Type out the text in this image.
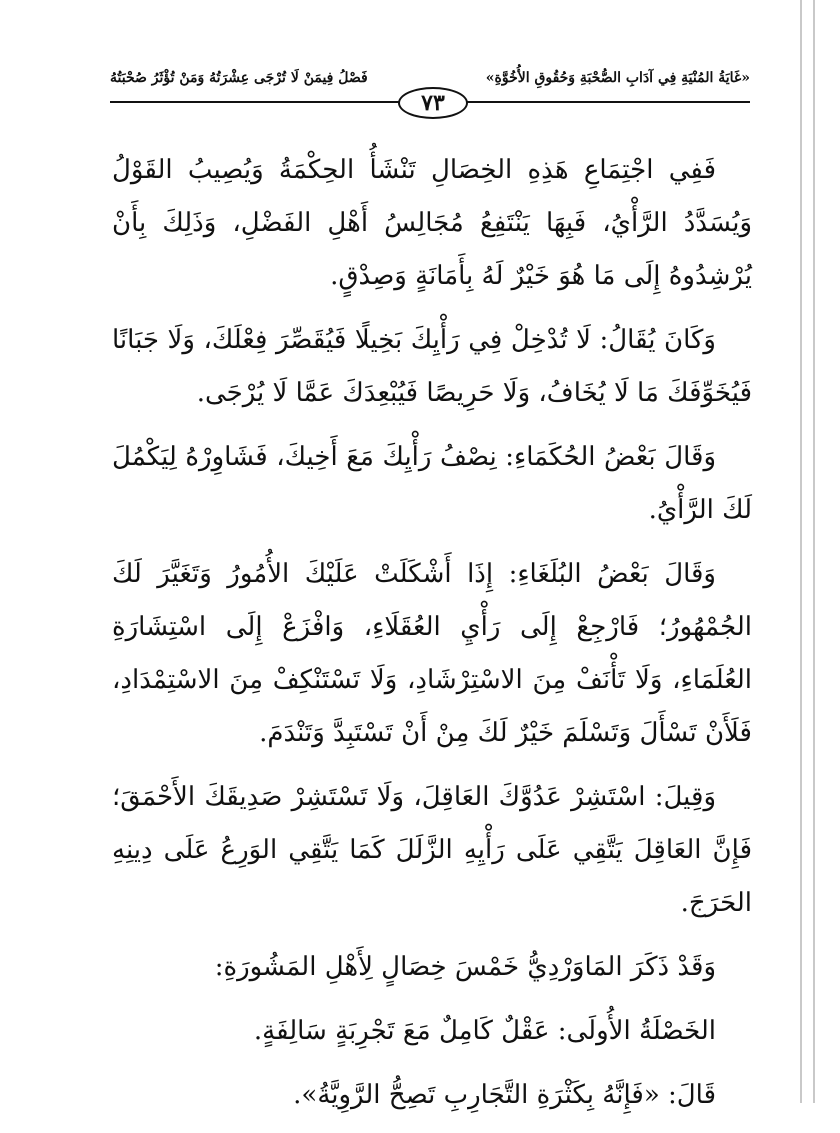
«غَايَةُ المُنْيَةِ فِي آدَابِ الصُّحْبَةِ وَحُقُوقِ الأُخُوَّةِ»
فَصْلُ فِيمَنْ لَا تُرْجَى عِشْرَتُهُ وَمَنْ تُؤْثَرُ صُحْبَتُهُ
٧٣

فَفِي اجْتِمَاعِ هَذِهِ الخِصَالِ تَنْشَأُ الحِكْمَةُ وَيُصِيبُ القَوْلُ وَيُسَدَّدُ الرَّأْيُ، فَبِهَا يَنْتَفِعُ مُجَالِسُ أَهْلِ الفَضْلِ، وَذَلِكَ بِأَنْ يُرْشِدُوهُ إِلَى مَا هُوَ خَيْرٌ لَهُ بِأَمَانَةٍ وَصِدْقٍ.

وَكَانَ يُقَالُ: لَا تُدْخِلْ فِي رَأْيِكَ بَخِيلًا فَيُقَصِّرَ فِعْلَكَ، وَلَا جَبَانًا فَيُخَوِّفَكَ مَا لَا يُخَافُ، وَلَا حَرِيصًا فَيُبْعِدَكَ عَمَّا لَا يُرْجَى.

وَقَالَ بَعْضُ الحُكَمَاءِ: نِصْفُ رَأْيِكَ مَعَ أَخِيكَ، فَشَاوِرْهُ لِيَكْمُلَ لَكَ الرَّأْيُ.

وَقَالَ بَعْضُ البُلَغَاءِ: إِذَا أَشْكَلَتْ عَلَيْكَ الأُمُورُ وَتَغَيَّرَ لَكَ الجُمْهُورُ؛ فَارْجِعْ إِلَى رَأْيِ العُقَلَاءِ، وَافْزَعْ إِلَى اسْتِشَارَةِ العُلَمَاءِ، وَلَا تَأْنَفْ مِنَ الاسْتِرْشَادِ، وَلَا تَسْتَنْكِفْ مِنَ الاسْتِمْدَادِ، فَلَأَنْ تَسْأَلَ وَتَسْلَمَ خَيْرٌ لَكَ مِنْ أَنْ تَسْتَبِدَّ وَتَنْدَمَ.

وَقِيلَ: اسْتَشِرْ عَدُوَّكَ العَاقِلَ، وَلَا تَسْتَشِرْ صَدِيقَكَ الأَحْمَقَ؛ فَإِنَّ العَاقِلَ يَتَّقِي عَلَى رَأْيِهِ الزَّلَلَ كَمَا يَتَّقِي الوَرِعُ عَلَى دِينِهِ الحَرَجَ.

وَقَدْ ذَكَرَ المَاوَرْدِيُّ خَمْسَ خِصَالٍ لِأَهْلِ المَشُورَةِ:

الخَصْلَةُ الأُولَى: عَقْلٌ كَامِلٌ مَعَ تَجْرِبَةٍ سَالِفَةٍ.

قَالَ: «فَإِنَّهُ بِكَثْرَةِ التَّجَارِبِ تَصِحُّ الرَّوِيَّةُ».
